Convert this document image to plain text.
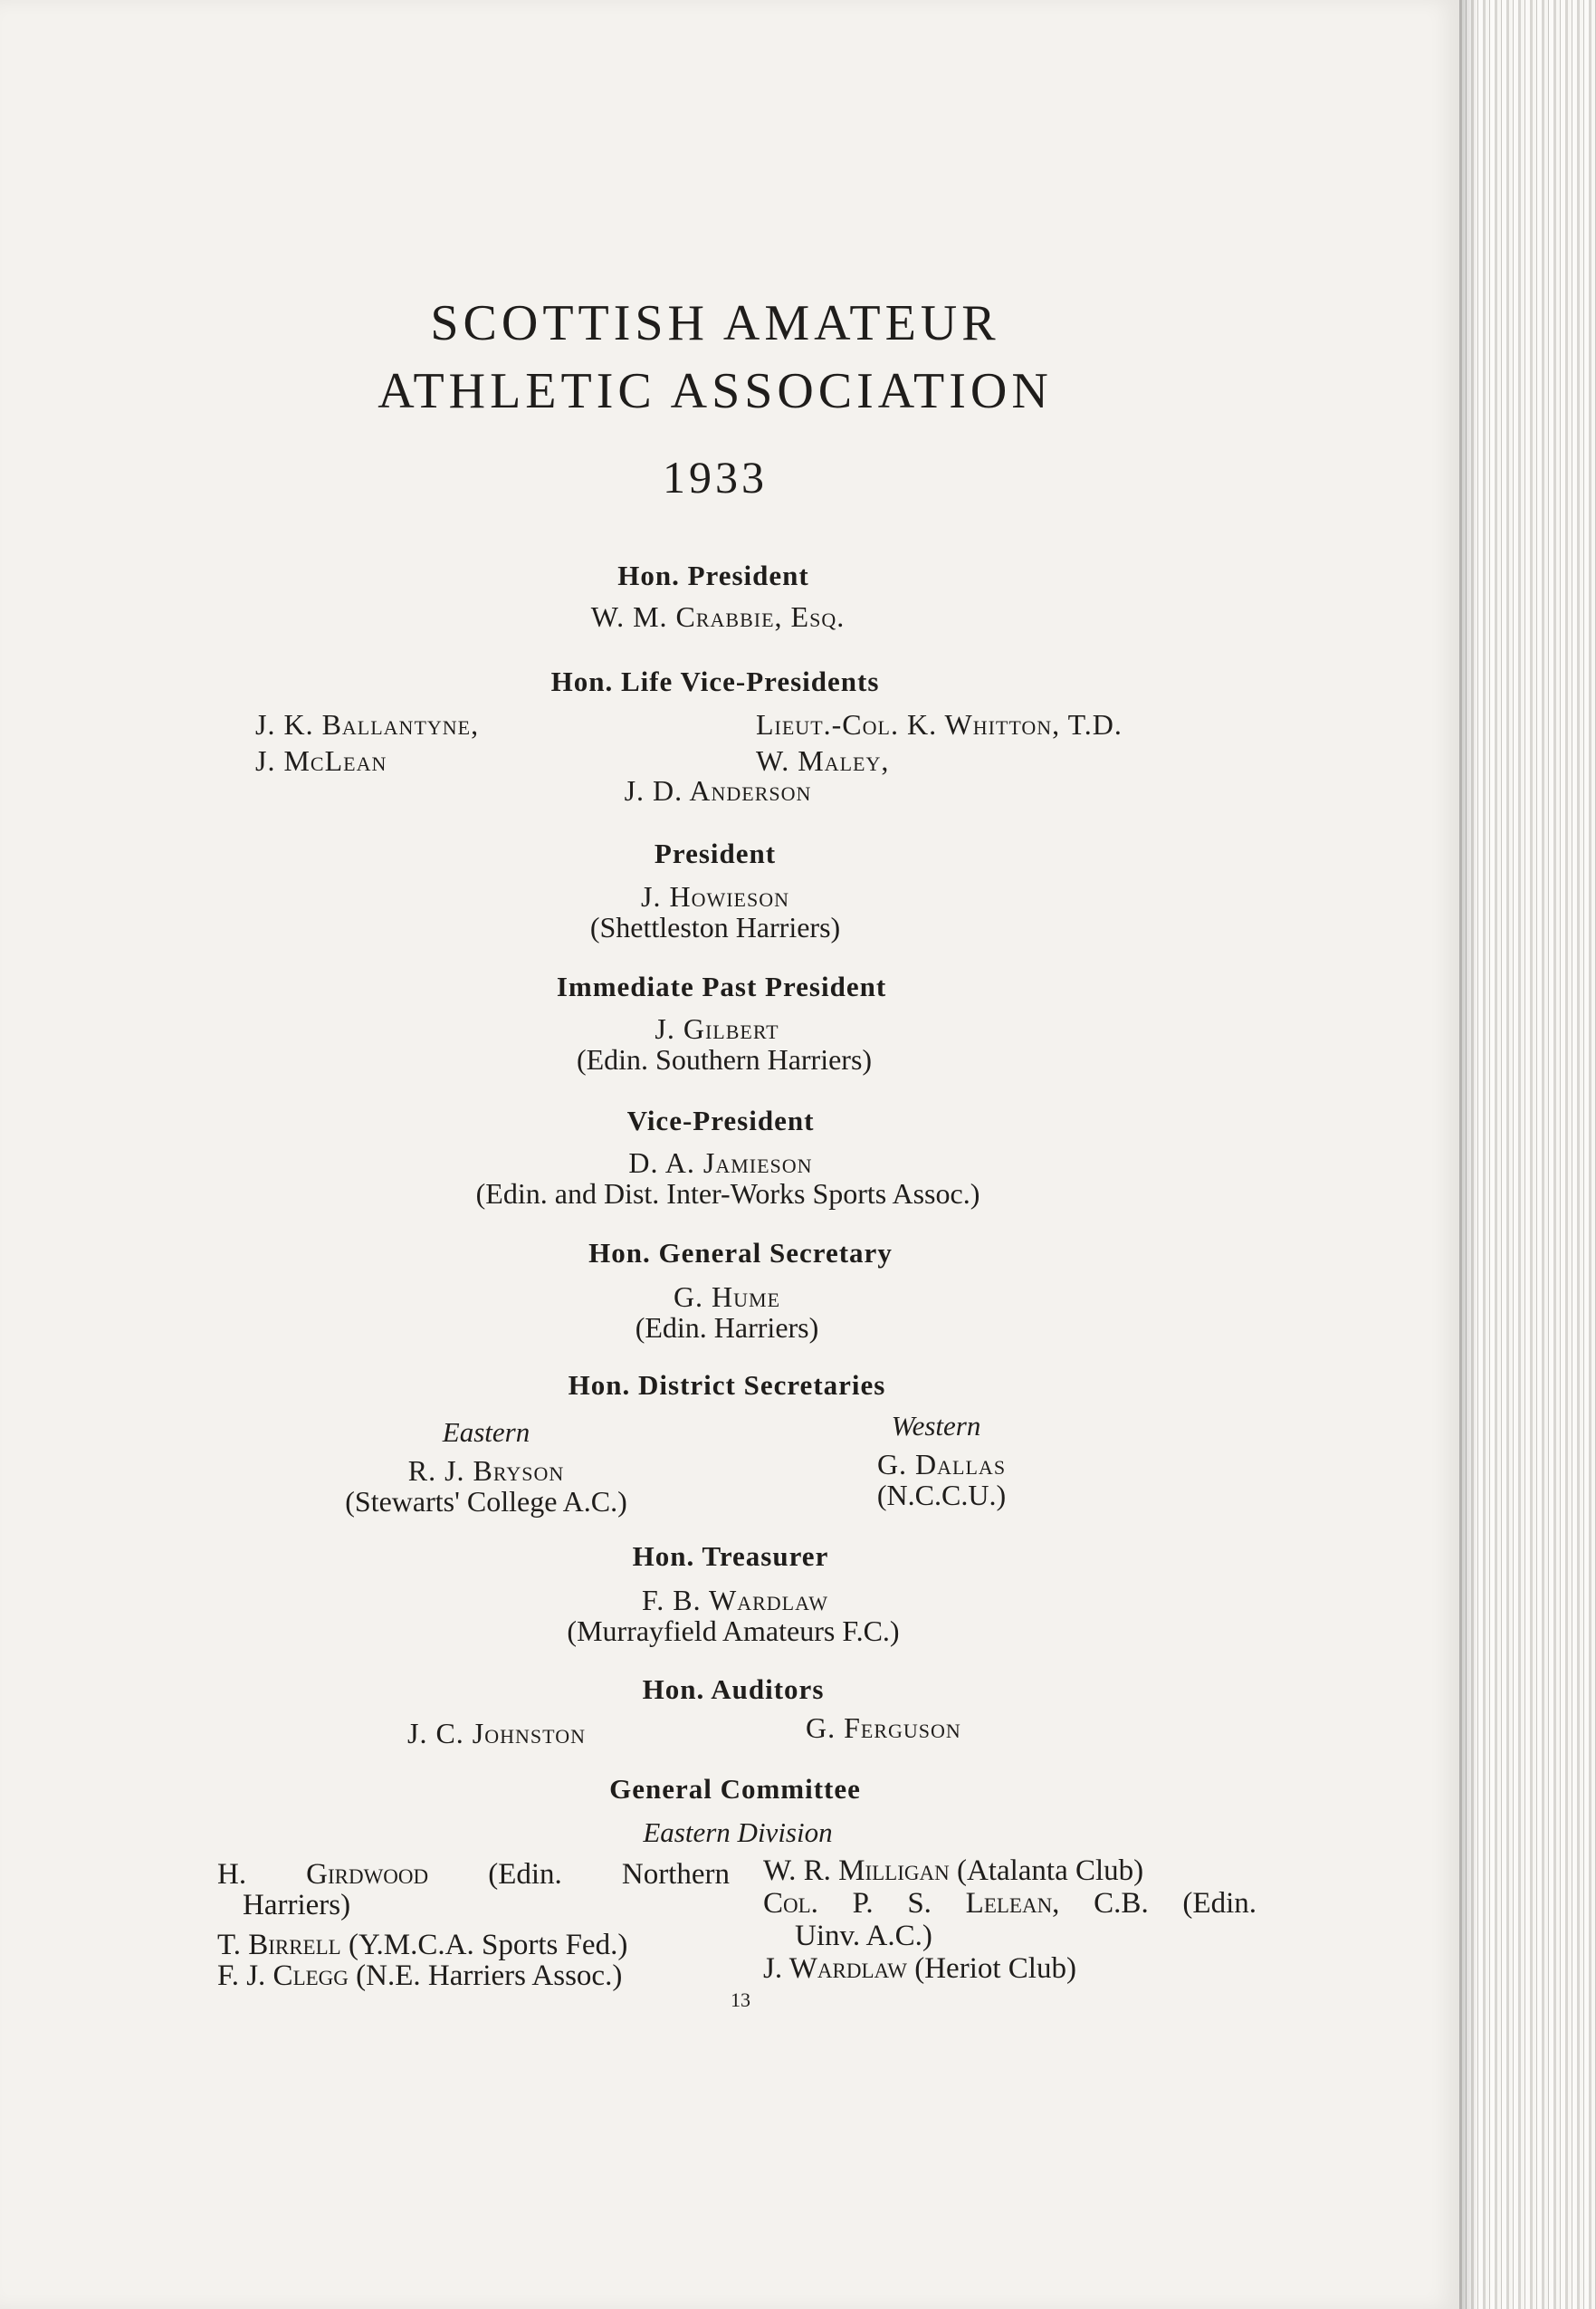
SCOTTISH AMATEUR
ATHLETIC ASSOCIATION
1933
Hon. President
W. M. Crabbie, Esq.
Hon. Life Vice-Presidents
J. K. Ballantyne,	Lieut.-Col. K. Whitton, T.D.
J. McLean	W. Maley,
J. D. Anderson
President
J. Howieson
(Shettleston Harriers)
Immediate Past President
J. Gilbert
(Edin. Southern Harriers)
Vice-President
D. A. Jamieson
(Edin. and Dist. Inter-Works Sports Assoc.)
Hon. General Secretary
G. Hume
(Edin. Harriers)
Hon. District Secretaries
Eastern	Western
R. J. Bryson	G. Dallas
(Stewarts' College A.C.)	(N.C.C.U.)
Hon. Treasurer
F. B. Wardlaw
(Murrayfield Amateurs F.C.)
Hon. Auditors
J. C. Johnston	G. Ferguson
General Committee
Eastern Division
H. Girdwood (Edin. Northern
Harriers)
T. Birrell (Y.M.C.A. Sports Fed.)
F. J. Clegg (N.E. Harriers Assoc.)
W. R. Milligan (Atalanta Club)
Col. P. S. Lelean, C.B. (Edin.
Uinv. A.C.)
J. Wardlaw (Heriot Club)
13
